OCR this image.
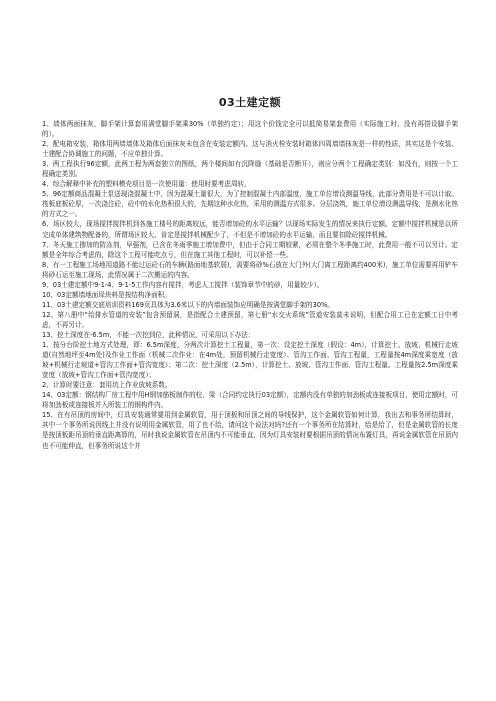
03土建定额

1、墙体两面抹灰，脚手架计算套用满堂脚手架乘30%（单独约定）；用这个价钱完全可以抵简易架套费用（实际施工时，没有再搭设脚手架的）。

2、配电箱安装，箱体用两墙墙体及箱体后面抹灰未包含在安装定额内。这与消火栓安装时箱体四周墙墙抹灰是一样的性质，其实这是个安装、土建配合协调施工的问题，不应单独计算。

3、两工程执行96定额，此两工程为两套独立的图纸，两个楼间如有沉降缝（基础是否断开），则应分两个工程确定类别：如没有，则按一个工程确定类别。

4、综合解释中补充的塑料模壳项目是一次使用量：使用时要考虑周转。

5、96定额商品混凝土泵送现浇混凝土中，因为混凝土量很大，为了控制混凝土内部温度，施工单位增设测温导线，此部分费用是不可以计取。筏板底板砼厚，一次浇注砼，砼中的水化热积很大的，先期这种水化热，采用的测温方式很多。分层浇筑，施工单位增设测温导线，是测水化热的方式之一。

6、场区较大，现场搅拌搅拌机到各施工楼号的距离较远，能否增加砼的水平运输？以现场实际发生的情况来执行定额。定额中搅拌机械是以所完成单体建筑物配备的，所谓场区较大，肯定是搅拌机械配少了，不但是不增加砼的水平运输，而且要扣除砼搅拌机械。

7、冬天施工掺加的防冻剂，早强剂，已含在冬雨季施工增加费中，但由于合同工期较紧，必须在整个冬季施工时，此费用一般不可以另计。定额是全年综合考虑的，除这个工程可能吃点亏，但在施工其他工程时，可以补偿一些。

8、有一工程施工场地用道路不能过运砼石的车辆(路面地基软弱)，需要将砂%石放在大门外(大门离工程距离约400米)，施工单位需要再用铲车将砂石运至施工现场，此情况属于二次搬运的内容。

9、03土建定额中9-1-4、9-1-5工作内容有搅拌，考虑人工搅拌（装饰章节中的砂，用量较少）。

10、03定额墙地面垛块料是按结构净面积。

11、03土建定额交底培训资料169页具体为3.6米以下的内墙面装饰应明确是按满堂脚手架的30%。

12、第八册中“给排水管道的安装”包含预留洞，是指配合土建预留，第七册“水交火系统”管道安装莫未说明，但配合用工已在定额工日中考虑，不再另计。

13、挖土深度在-6.5m，不能一次挖到位，此种情况，可采用以下办法：

1、按分台阶挖土地方式处理，即：6.5m深度，分两次计算挖土工程量，第一次：设定挖土深度（假设：4m），计算挖土、放坡、机械行走坡道(自然地坪至4m处)及作业工作面（机械二次作业：在4m处，预留机械行走宽度）、管沟工作面、管沟工程量，工程量按4m深度乘宽度（放坡+机械行走坡道+管沟工作面+管沟宽度）；第二次：挖土深度（2.5m），计算挖土、放坡、管沟工作面、管沟工程量。工程量按2.5m深度乘宽度（放坡+管沟工作面+管沟宽度）；

2、计算时要注意：套用坑上作业放坡系数。

14、03定额：钢结构厂房工程中用H钢加筋板制作的柱、梁（合同约定执行03定额），定额内没有单独的加劲板或连接板项目，使用定额时，可将加劲板或连接板并入所装工的钢构件内。

15、在有吊顶的房间中，灯具安装通常要用到金属软管，用于顶板和吊顶之间的导线保护，这个金属软管如何计算，我出去和事务所结算时，其中一个事务所说因线上并没有说明用金属软管，用了也不给，请问这个说法对吗?还有一个事务所在结算时，给是给了，但是金属软管的长度是按顶板距吊顶的垂直距离算的，吊时我说金属软管在吊顶内不可能垂直，因为灯具安装时要根据吊顶的情况布置灯具，再说金属软管在吊顶内也不可能伸直，但事务所说这个并
